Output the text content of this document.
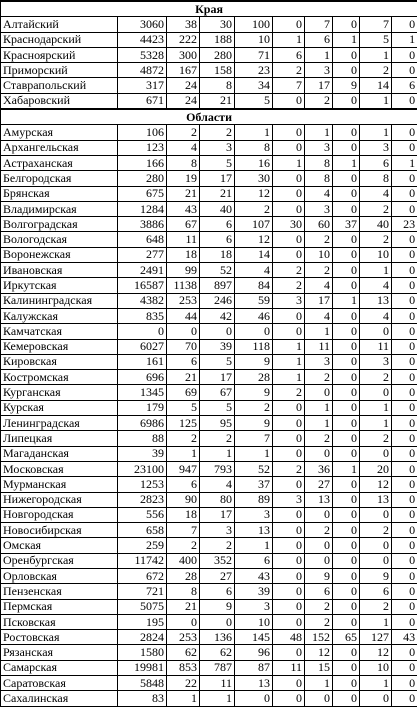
Края									
Алтайский	3060	38	30	100	0	7	0	7	0
Краснодарский	4423	222	188	10	1	6	1	5	1
Красноярский	5328	300	280	71	6	1	0	1	0
Приморский	4872	167	158	23	2	3	0	2	0
Ставрапольский	317	24	8	34	7	17	9	14	6
Хабаровский	671	24	21	5	0	2	0	1	0
Области									
Амурская	106	2	2	1	0	1	0	1	0
Архангельская	123	4	3	8	0	3	0	3	0
Астраханская	166	8	5	16	1	8	1	6	1
Белгородская	280	19	17	30	0	8	0	8	0
Брянская	675	21	21	12	0	4	0	4	0
Владимирская	1284	43	40	2	0	3	0	2	0
Волгоградская	3886	67	6	107	30	60	37	40	23
Вологодская	648	11	6	12	0	2	0	2	0
Воронежская	277	18	18	14	0	10	0	10	0
Ивановская	2491	99	52	4	2	2	0	1	0
Иркутская	16587	1138	897	84	2	4	0	4	0
Калининградская	4382	253	246	59	3	17	1	13	0
Калужская	835	44	42	46	0	4	0	4	0
Камчатская	0	0	0	0	0	1	0	0	0
Кемеровская	6027	70	39	118	1	11	0	11	0
Кировская	161	6	5	9	1	3	0	3	0
Костромская	696	21	17	28	1	2	0	2	0
Курганская	1345	69	67	9	2	0	0	0	0
Курская	179	5	5	2	0	1	0	1	0
Ленинградская	6986	125	95	9	0	1	0	1	0
Липецкая	88	2	2	7	0	2	0	2	0
Магаданская	39	1	1	1	0	0	0	0	0
Московская	23100	947	793	52	2	36	1	20	0
Мурманская	1253	6	4	37	0	27	0	12	0
Нижегородская	2823	90	80	89	3	13	0	13	0
Новгородская	556	18	17	3	0	0	0	0	0
Новосибирская	658	7	3	13	0	2	0	2	0
Омская	259	2	2	1	0	0	0	0	0
Оренбургская	11742	400	352	6	0	0	0	0	0
Орловская	672	28	27	43	0	9	0	9	0
Пензенская	721	8	6	39	0	6	0	6	0
Пермская	5075	21	9	3	0	2	0	2	0
Псковская	195	0	0	10	0	2	0	1	0
Ростовская	2824	253	136	145	48	152	65	127	43
Рязанская	1580	62	62	96	0	12	0	12	0
Самарская	19981	853	787	87	11	15	0	10	0
Саратовская	5848	22	11	13	0	1	0	1	0
Сахалинская	83	1	1	0	0	0	0	0	0
